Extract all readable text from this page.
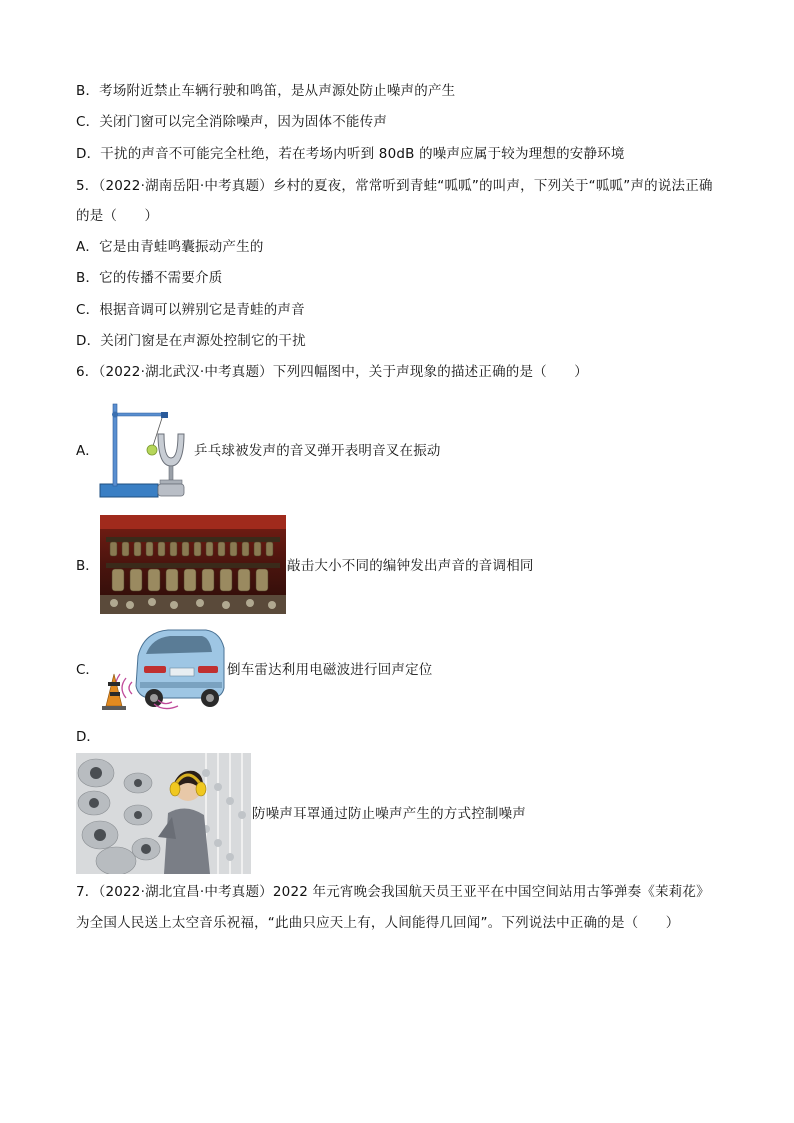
B．考场附近禁止车辆行驶和鸣笛，是从声源处防止噪声的产生
C．关闭门窗可以完全消除噪声，因为固体不能传声
D．干扰的声音不可能完全杜绝，若在考场内听到 80dB 的噪声应属于较为理想的安静环境
5．（2022·湖南岳阳·中考真题）乡村的夏夜，常常听到青蛙“呱呱”的叫声，下列关于“呱呱”声的说法正确
的是（　　）
A．它是由青蛙鸣囊振动产生的
B．它的传播不需要介质
C．根据音调可以辨别它是青蛙的声音
D．关闭门窗是在声源处控制它的干扰
6．（2022·湖北武汉·中考真题）下列四幅图中，关于声现象的描述正确的是（　　）
A．	乒乓球被发声的音叉弹开表明音叉在振动
B．	敲击大小不同的编钟发出声音的音调相同
C．	倒车雷达利用电磁波进行回声定位
D．
防噪声耳罩通过防止噪声产生的方式控制噪声
7．（2022·湖北宜昌·中考真题）2022 年元宵晚会我国航天员王亚平在中国空间站用古筝弹奏《茉莉花》
为全国人民送上太空音乐祝福，“此曲只应天上有，人间能得几回闻”。下列说法中正确的是（　　）
